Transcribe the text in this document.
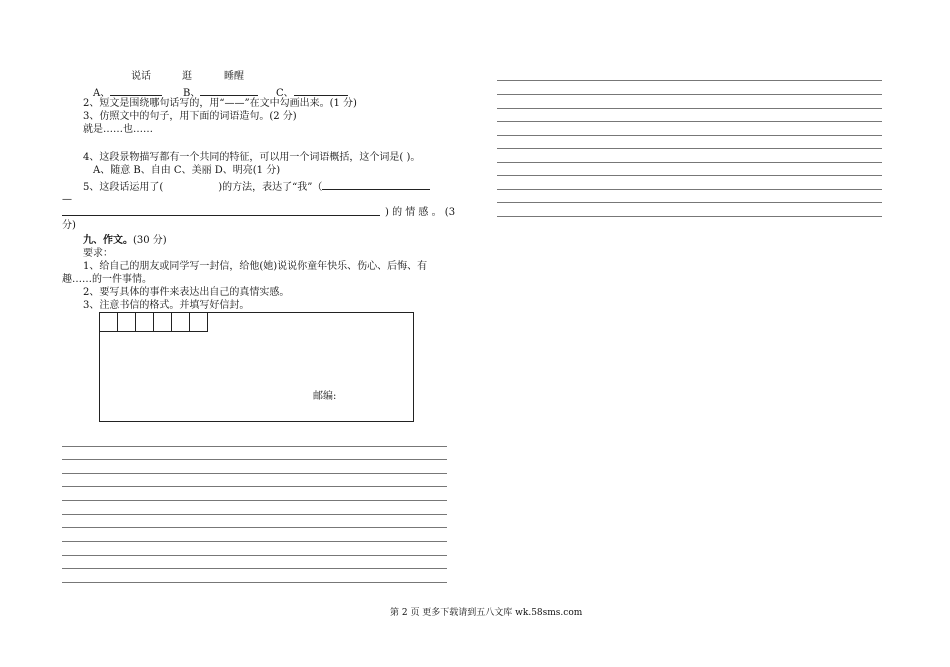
说话	逛	睡醒
A、	B、	C、
2、短文是围绕哪句话写的，用“——”在文中勾画出来。(1 分)
3、仿照文中的句子，用下面的词语造句。(2 分)
就是……也……
4、这段景物描写都有一个共同的特征，可以用一个词语概括，这个词是( )。
A、随意 B、自由 C、美丽 D、明亮(1 分)
5、这段话运用了(	)的方法，表达了“我”（
—
) 的 情 感 。 (3
分)
九、作文。(30 分)
要求：
1、给自己的朋友或同学写一封信，给他(她)说说你童年快乐、伤心、后悔、有
趣……的一件事情。
2、要写具体的事件来表达出自己的真情实感。
3、注意书信的格式。并填写好信封。
邮编:
第 2 页 更多下载请到五八文库 wk.58sms.com
